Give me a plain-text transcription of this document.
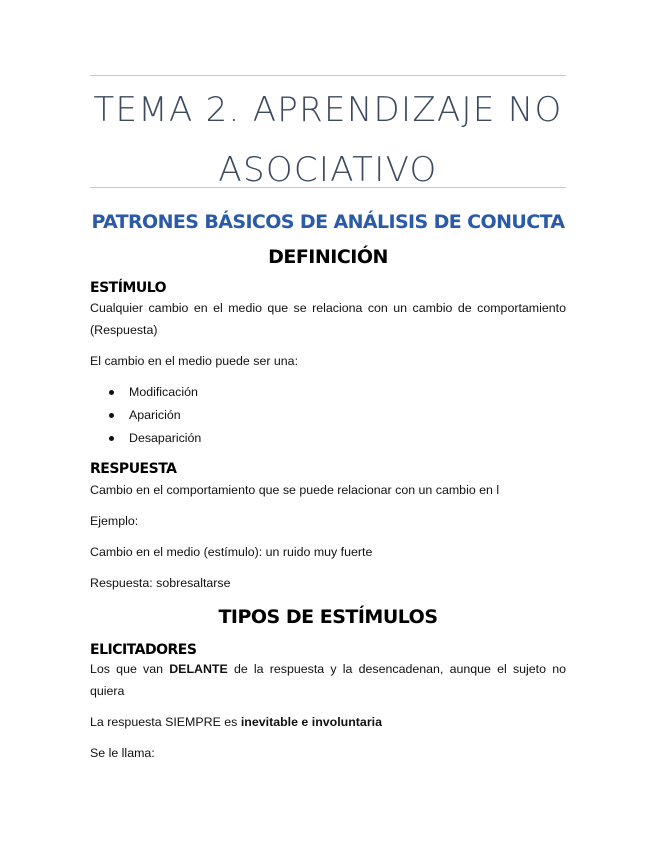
TEMA 2. APRENDIZAJE NO
ASOCIATIVO
PATRONES BÁSICOS DE ANÁLISIS DE CONUCTA
DEFINICIÓN
ESTÍMULO

Cualquier cambio en el medio que se relaciona con un cambio de comportamiento

(Respuesta)

El cambio en el medio puede ser una:

Modificación
Aparición
Desaparición
RESPUESTA

Cambio en el comportamiento que se puede relacionar con un cambio en l

Ejemplo:

Cambio en el medio (estímulo): un ruido muy fuerte

Respuesta: sobresaltarse

TIPOS DE ESTÍMULOS
ELICITADORES

Los que van DELANTE de la respuesta y la desencadenan, aunque el sujeto no

quiera

La respuesta SIEMPRE es inevitable e involuntaria

Se le llama:
